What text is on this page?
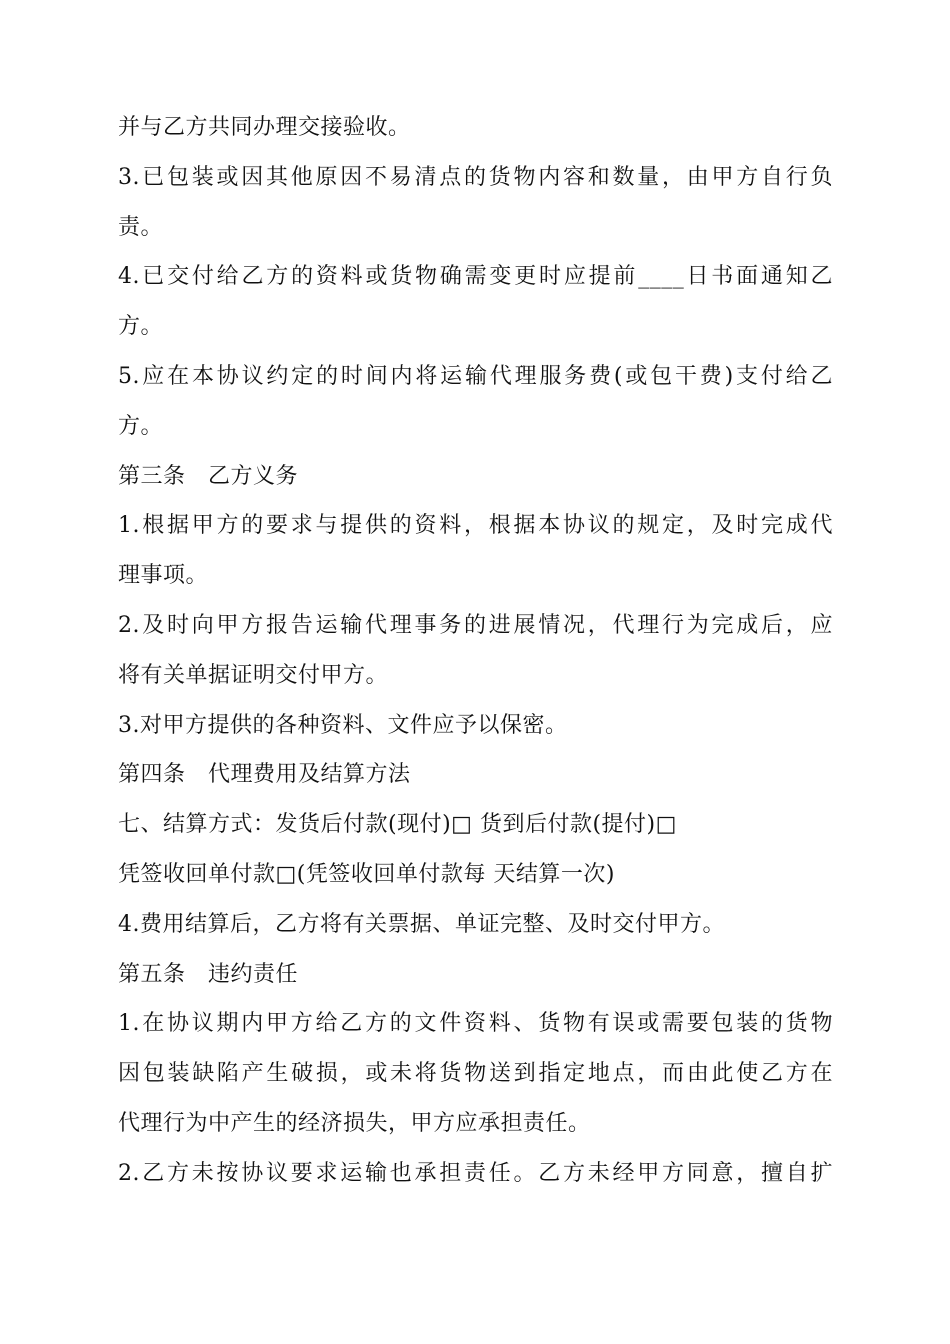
并与乙方共同办理交接验收。

3.已包装或因其他原因不易清点的货物内容和数量，由甲方自行负

责。

4.已交付给乙方的资料或货物确需变更时应提前____日书面通知乙

方。

5.应在本协议约定的时间内将运输代理服务费(或包干费)支付给乙

方。

第三条　乙方义务

1.根据甲方的要求与提供的资料，根据本协议的规定，及时完成代

理事项。

2.及时向甲方报告运输代理事务的进展情况，代理行为完成后，应

将有关单据证明交付甲方。

3.对甲方提供的各种资料、文件应予以保密。

第四条　代理费用及结算方法

七、结算方式：发货后付款(现付)□ 货到后付款(提付)□

凭签收回单付款□(凭签收回单付款每 天结算一次)

4.费用结算后，乙方将有关票据、单证完整、及时交付甲方。

第五条　违约责任

1.在协议期内甲方给乙方的文件资料、货物有误或需要包装的货物

因包装缺陷产生破损，或未将货物送到指定地点，而由此使乙方在

代理行为中产生的经济损失，甲方应承担责任。

2.乙方未按协议要求运输也承担责任。乙方未经甲方同意，擅自扩
